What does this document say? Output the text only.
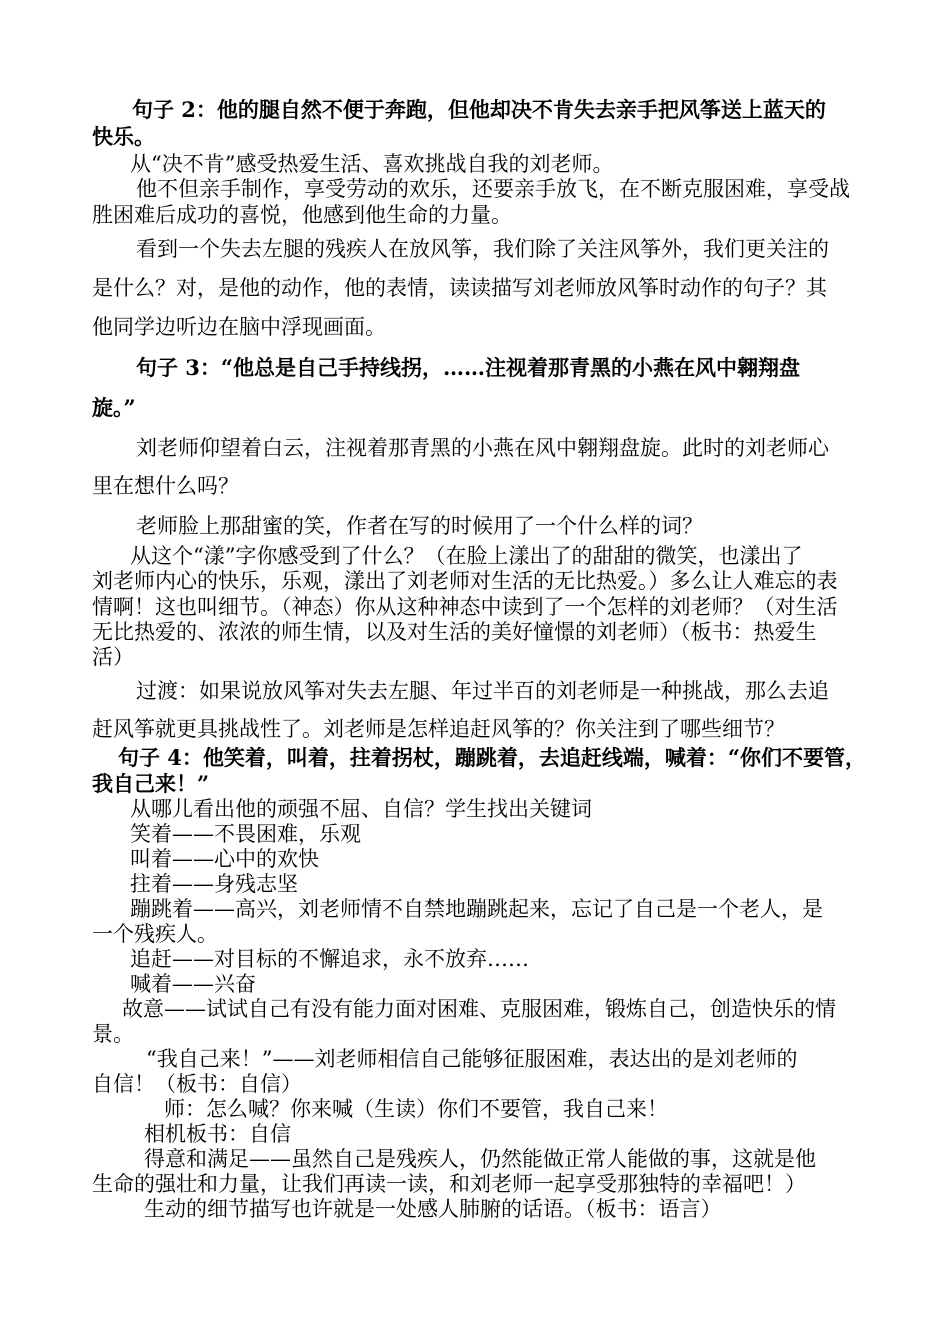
句子 2：他的腿自然不便于奔跑，但他却决不肯失去亲手把风筝送上蓝天的
快乐。
从“决不肯”感受热爱生活、喜欢挑战自我的刘老师。
他不但亲手制作，享受劳动的欢乐，还要亲手放飞，在不断克服困难，享受战
胜困难后成功的喜悦，他感到他生命的力量。
看到一个失去左腿的残疾人在放风筝，我们除了关注风筝外，我们更关注的
是什么？对，是他的动作，他的表情，读读描写刘老师放风筝时动作的句子？其
他同学边听边在脑中浮现画面。
句子 3：“他总是自己手持线拐，……注视着那青黑的小燕在风中翱翔盘
旋。”
刘老师仰望着白云，注视着那青黑的小燕在风中翱翔盘旋。此时的刘老师心
里在想什么吗？
老师脸上那甜蜜的笑，作者在写的时候用了一个什么样的词？
从这个“漾”字你感受到了什么？（在脸上漾出了的甜甜的微笑，也漾出了
刘老师内心的快乐，乐观，漾出了刘老师对生活的无比热爱。）多么让人难忘的表
情啊！这也叫细节。（神态）你从这种神态中读到了一个怎样的刘老师？（对生活
无比热爱的、浓浓的师生情，以及对生活的美好憧憬的刘老师）（板书：热爱生
活）
过渡：如果说放风筝对失去左腿、年过半百的刘老师是一种挑战，那么去追
赶风筝就更具挑战性了。刘老师是怎样追赶风筝的？你关注到了哪些细节？
句子 4：他笑着，叫着，拄着拐杖，蹦跳着，去追赶线端，喊着：“你们不要管，
我自己来！”
从哪儿看出他的顽强不屈、自信？学生找出关键词
笑着——不畏困难，乐观
叫着——心中的欢快
拄着——身残志坚
蹦跳着——高兴，刘老师情不自禁地蹦跳起来，忘记了自己是一个老人，是
一个残疾人。
追赶——对目标的不懈追求，永不放弃……
喊着——兴奋
故意——试试自己有没有能力面对困难、克服困难，锻炼自己，创造快乐的情
景。
“我自己来！”——刘老师相信自己能够征服困难，表达出的是刘老师的
自信！（板书：自信）
师：怎么喊？你来喊（生读）你们不要管，我自己来！
相机板书：自信
得意和满足——虽然自己是残疾人，仍然能做正常人能做的事，这就是他
生命的强壮和力量，让我们再读一读，和刘老师一起享受那独特的幸福吧！）
生动的细节描写也许就是一处感人肺腑的话语。（板书：语言）
